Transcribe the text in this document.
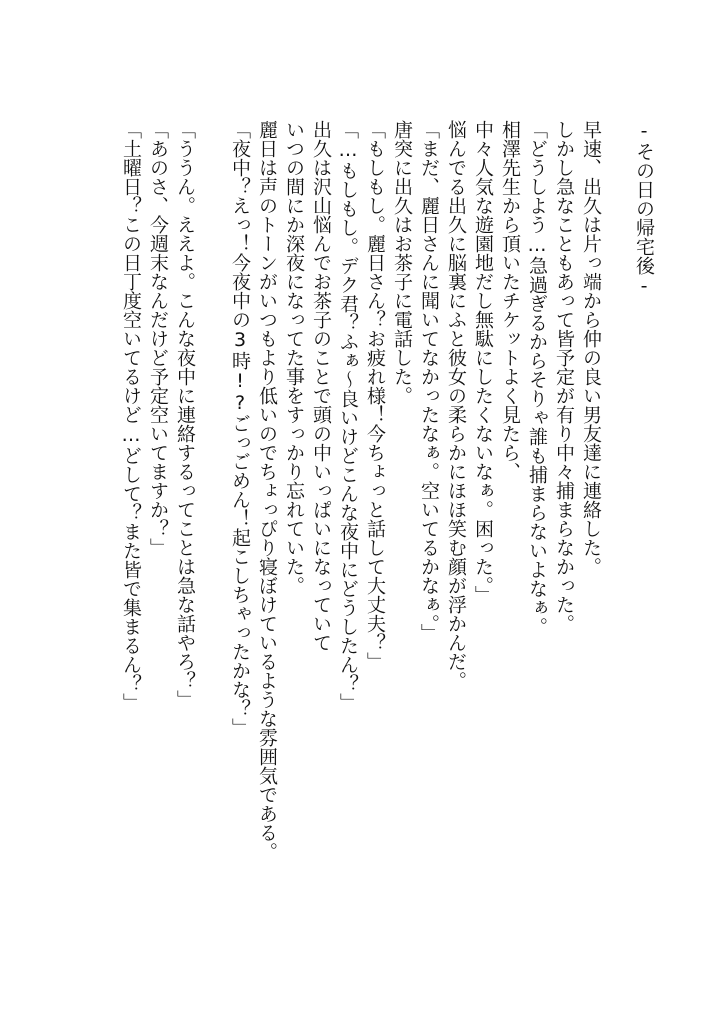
-その日の帰宅後-

早速、出久は片っ端から仲の良い男友達に連絡した。

しかし急なこともあって皆予定が有り中々捕まらなかった。

「どうしよう…急過ぎるからそりゃ誰も捕まらないよなぁ。

相澤先生から頂いたチケットよく見たら、

中々人気な遊園地だし無駄にしたくないなぁ。困った。」

悩んでる出久に脳裏にふと彼女の柔らかにほほ笑む顔が浮かんだ。

「まだ、麗日さんに聞いてなかったなぁ。空いてるかなぁ。」

唐突に出久はお茶子に電話した。

「もしもし。麗日さん？お疲れ様！今ちょっと話して大丈夫？」

「…もしもし。デク君？ふぁ〜良いけどこんな夜中にどうしたん？」

出久は沢山悩んでお茶子のことで頭の中いっぱいになっていて

いつの間にか深夜になってた事をすっかり忘れていた。

麗日は声のトーンがいつもより低いのでちょっぴり寝ぼけているような雰囲気である。

「夜中？えっ！今夜中の3時!?ごっごめん！起こしちゃったかな？」

「ううん。ええよ。こんな夜中に連絡するってことは急な話やろ？」

「あのさ、今週末なんだけど予定空いてますか？」

「土曜日？この日丁度空いてるけど…どして？また皆で集まるん？」
